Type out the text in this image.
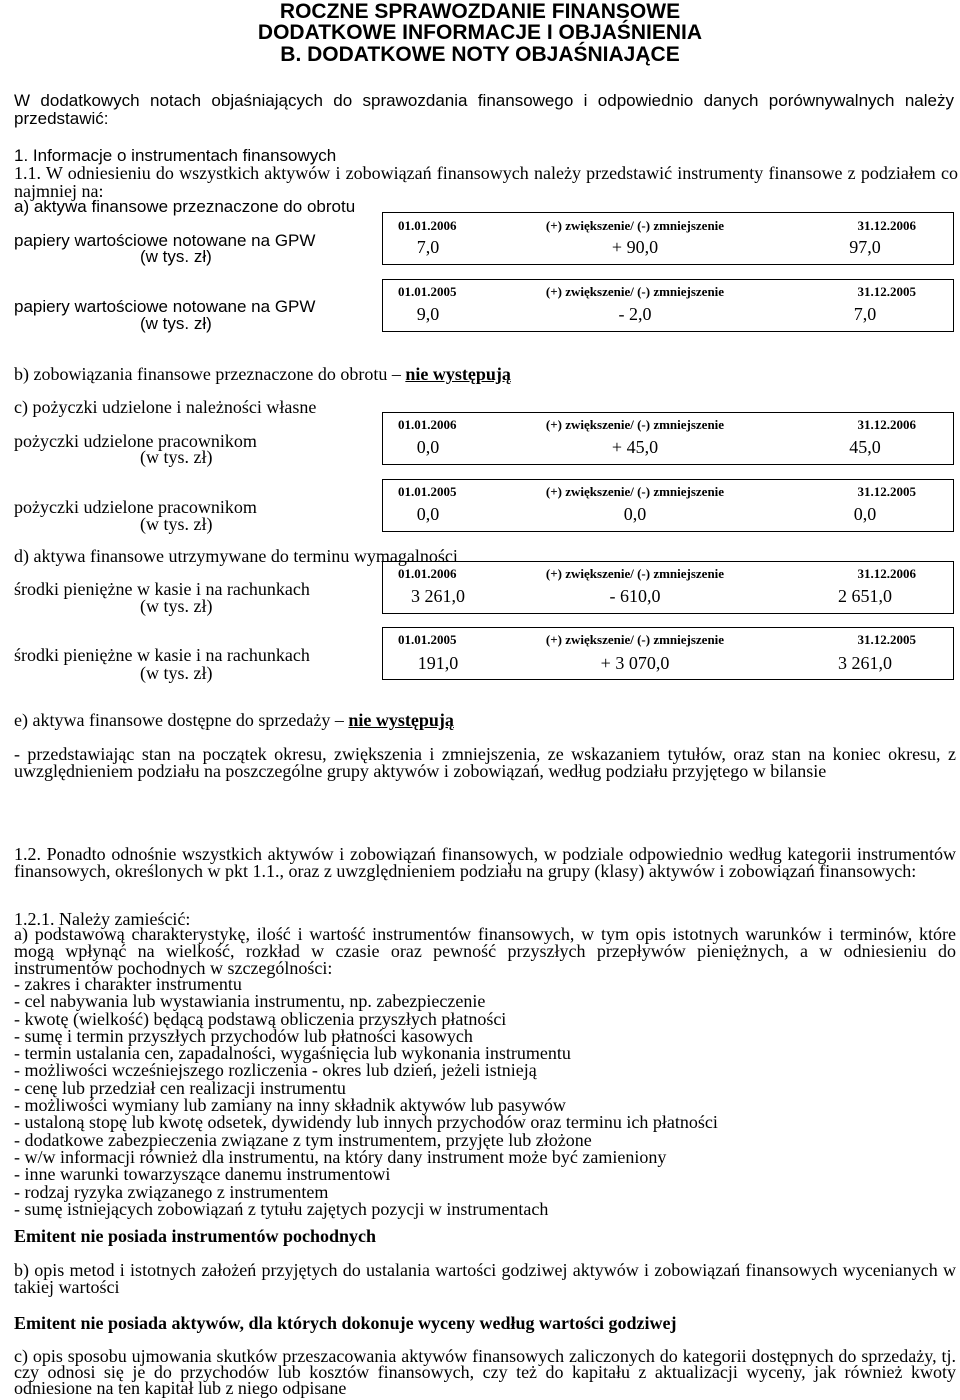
ROCZNE SPRAWOZDANIE FINANSOWE
DODATKOWE INFORMACJE I OBJAŚNIENIA
B. DODATKOWE NOTY OBJAŚNIAJĄCE
W dodatkowych notach objaśniających do sprawozdania finansowego i odpowiednio danych porównywalnych należy przedstawić:
1. Informacje o instrumentach finansowych
1.1. W odniesieniu do wszystkich aktywów i zobowiązań finansowych należy przedstawić instrumenty finansowe z podziałem co najmniej na:
a) aktywa finansowe przeznaczone do obrotu
papiery wartościowe notowane na GPW
(w tys. zł)
01.01.2006	(+) zwiększenie/ (-) zmniejszenie	31.12.2006
7,0	+ 90,0	97,0
papiery wartościowe notowane na GPW
(w tys. zł)
01.01.2005	(+) zwiększenie/ (-) zmniejszenie	31.12.2005
9,0	- 2,0	7,0
b) zobowiązania finansowe przeznaczone do obrotu – nie występują
c) pożyczki udzielone i należności własne
pożyczki udzielone pracownikom
(w tys. zł)
01.01.2006	(+) zwiększenie/ (-) zmniejszenie	31.12.2006
0,0	+ 45,0	45,0
pożyczki udzielone pracownikom
(w tys. zł)
01.01.2005	(+) zwiększenie/ (-) zmniejszenie	31.12.2005
0,0	0,0	0,0
d) aktywa finansowe utrzymywane do terminu wymagalności
środki pieniężne w kasie i na rachunkach
(w tys. zł)
01.01.2006	(+) zwiększenie/ (-) zmniejszenie	31.12.2006
3 261,0	- 610,0	2 651,0
środki pieniężne w kasie i na rachunkach
(w tys. zł)
01.01.2005	(+) zwiększenie/ (-) zmniejszenie	31.12.2005
191,0	+ 3 070,0	3 261,0
e) aktywa finansowe dostępne do sprzedaży – nie występują
- przedstawiając stan na początek okresu, zwiększenia i zmniejszenia, ze wskazaniem tytułów, oraz stan na koniec okresu, z uwzględnieniem podziału na poszczególne grupy aktywów i zobowiązań, według podziału przyjętego w bilansie
1.2. Ponadto odnośnie wszystkich aktywów i zobowiązań finansowych, w podziale odpowiednio według kategorii instrumentów finansowych, określonych w pkt 1.1., oraz z uwzględnieniem podziału na grupy (klasy) aktywów i zobowiązań finansowych:
1.2.1. Należy zamieścić:
a) podstawową charakterystykę, ilość i wartość instrumentów finansowych, w tym opis istotnych warunków i terminów, które mogą wpłynąć na wielkość, rozkład w czasie oraz pewność przyszłych przepływów pieniężnych, a w odniesieniu do instrumentów pochodnych w szczególności:
- zakres i charakter instrumentu
- cel nabywania lub wystawiania instrumentu, np. zabezpieczenie
- kwotę (wielkość) będącą podstawą obliczenia przyszłych płatności
- sumę i termin przyszłych przychodów lub płatności kasowych
- termin ustalania cen, zapadalności, wygaśnięcia lub wykonania instrumentu
- możliwości wcześniejszego rozliczenia - okres lub dzień, jeżeli istnieją
- cenę lub przedział cen realizacji instrumentu
- możliwości wymiany lub zamiany na inny składnik aktywów lub pasywów
- ustaloną stopę lub kwotę odsetek, dywidendy lub innych przychodów oraz terminu ich płatności
- dodatkowe zabezpieczenia związane z tym instrumentem, przyjęte lub złożone
- w/w informacji również dla instrumentu, na który dany instrument może być zamieniony
- inne warunki towarzyszące danemu instrumentowi
- rodzaj ryzyka związanego z instrumentem
- sumę istniejących zobowiązań z tytułu zajętych pozycji w instrumentach
Emitent nie posiada instrumentów pochodnych
b) opis metod i istotnych założeń przyjętych do ustalania wartości godziwej aktywów i zobowiązań finansowych wycenianych w takiej wartości
Emitent nie posiada aktywów, dla których dokonuje wyceny według wartości godziwej
c) opis sposobu ujmowania skutków przeszacowania aktywów finansowych zaliczonych do kategorii dostępnych do sprzedaży, tj. czy odnosi się je do przychodów lub kosztów finansowych, czy też do kapitału z aktualizacji wyceny, jak również kwoty odniesione na ten kapitał lub z niego odpisane
